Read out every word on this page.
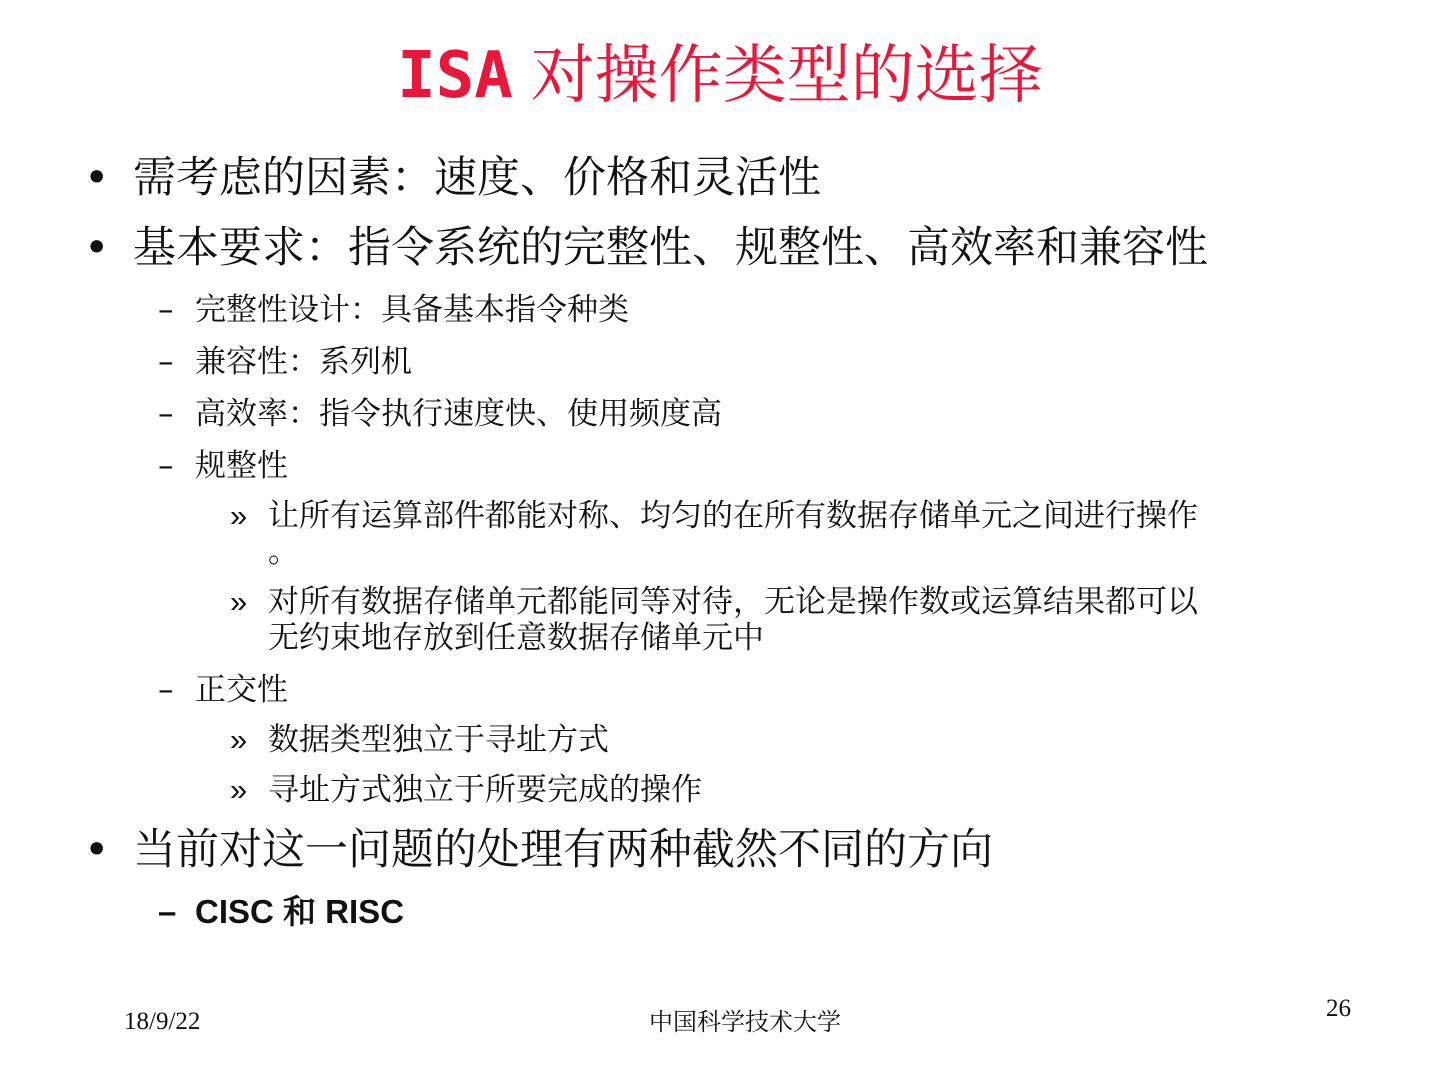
ISA 对操作类型的选择
• 需考虑的因素：速度、价格和灵活性
• 基本要求：指令系统的完整性、规整性、高效率和兼容性
– 完整性设计：具备基本指令种类
– 兼容性：系列机
– 高效率：指令执行速度快、使用频度高
– 规整性
» 让所有运算部件都能对称、均匀的在所有数据存储单元之间进行操作
。
» 对所有数据存储单元都能同等对待，无论是操作数或运算结果都可以
无约束地存放到任意数据存储单元中
– 正交性
» 数据类型独立于寻址方式
» 寻址方式独立于所要完成的操作
• 当前对这一问题的处理有两种截然不同的方向
– CISC 和 RISC
18/9/22	中国科学技术大学	26
